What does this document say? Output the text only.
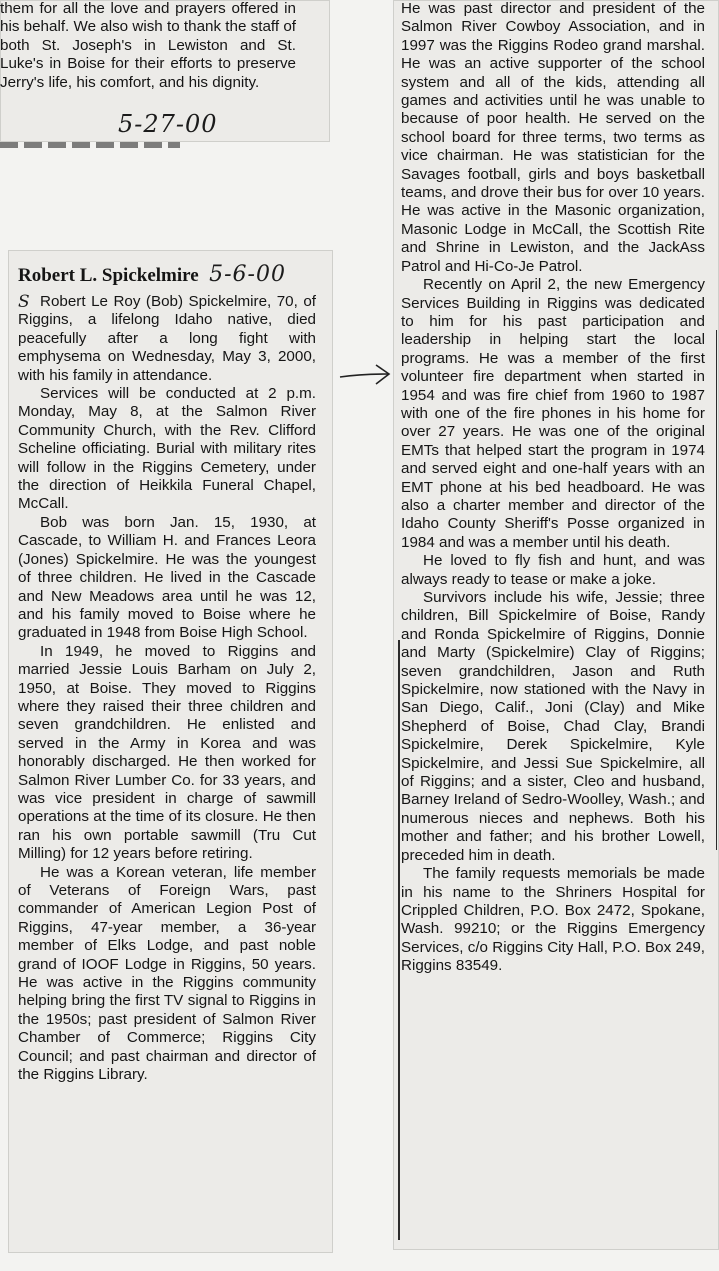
them for all the love and prayers offered in his behalf. We also wish to thank the staff of both St. Joseph's in Lewiston and St. Luke's in Boise for their efforts to preserve Jerry's life, his comfort, and his dignity.

5-27-00
Robert L. Spickelmire 5-6-00
S Robert Le Roy (Bob) Spickelmire, 70, of Riggins, a lifelong Idaho native, died peacefully after a long fight with emphysema on Wednesday, May 3, 2000, with his family in attendance.

Services will be conducted at 2 p.m. Monday, May 8, at the Salmon River Community Church, with the Rev. Clifford Scheline officiating. Burial with military rites will follow in the Riggins Cemetery, under the direction of Heikkila Funeral Chapel, McCall.

Bob was born Jan. 15, 1930, at Cascade, to William H. and Frances Leora (Jones) Spickelmire. He was the youngest of three children. He lived in the Cascade and New Meadows area until he was 12, and his family moved to Boise where he graduated in 1948 from Boise High School.

In 1949, he moved to Riggins and married Jessie Louis Barham on July 2, 1950, at Boise. They moved to Riggins where they raised their three children and seven grandchildren. He enlisted and served in the Army in Korea and was honorably discharged. He then worked for Salmon River Lumber Co. for 33 years, and was vice president in charge of sawmill operations at the time of its closure. He then ran his own portable sawmill (Tru Cut Milling) for 12 years before retiring.

He was a Korean veteran, life member of Veterans of Foreign Wars, past commander of American Legion Post of Riggins, 47-year member, a 36-year member of Elks Lodge, and past noble grand of IOOF Lodge in Riggins, 50 years. He was active in the Riggins community helping bring the first TV signal to Riggins in the 1950s; past president of Salmon River Chamber of Commerce; Riggins City Council; and past chairman and director of the Riggins Library.

He was past director and president of the Salmon River Cowboy Association, and in 1997 was the Riggins Rodeo grand marshal. He was an active supporter of the school system and all of the kids, attending all games and activities until he was unable to because of poor health. He served on the school board for three terms, two terms as vice chairman. He was statistician for the Savages football, girls and boys basketball teams, and drove their bus for over 10 years. He was active in the Masonic organization, Masonic Lodge in McCall, the Scottish Rite and Shrine in Lewiston, and the JackAss Patrol and Hi-Co-Je Patrol.

Recently on April 2, the new Emergency Services Building in Riggins was dedicated to him for his past participation and leadership in helping start the local programs. He was a member of the first volunteer fire department when started in 1954 and was fire chief from 1960 to 1987 with one of the fire phones in his home for over 27 years. He was one of the original EMTs that helped start the program in 1974 and served eight and one-half years with an EMT phone at his bed headboard. He was also a charter member and director of the Idaho County Sheriff's Posse organized in 1984 and was a member until his death.

He loved to fly fish and hunt, and was always ready to tease or make a joke.

Survivors include his wife, Jessie; three children, Bill Spickelmire of Boise, Randy and Ronda Spickelmire of Riggins, Donnie and Marty (Spickelmire) Clay of Riggins; seven grandchildren, Jason and Ruth Spickelmire, now stationed with the Navy in San Diego, Calif., Joni (Clay) and Mike Shepherd of Boise, Chad Clay, Brandi Spickelmire, Derek Spickelmire, Kyle Spickelmire, and Jessi Sue Spickelmire, all of Riggins; and a sister, Cleo and husband, Barney Ireland of Sedro-Woolley, Wash.; and numerous nieces and nephews. Both his mother and father; and his brother Lowell, preceded him in death.

The family requests memorials be made in his name to the Shriners Hospital for Crippled Children, P.O. Box 2472, Spokane, Wash. 99210; or the Riggins Emergency Services, c/o Riggins City Hall, P.O. Box 249, Riggins 83549.
